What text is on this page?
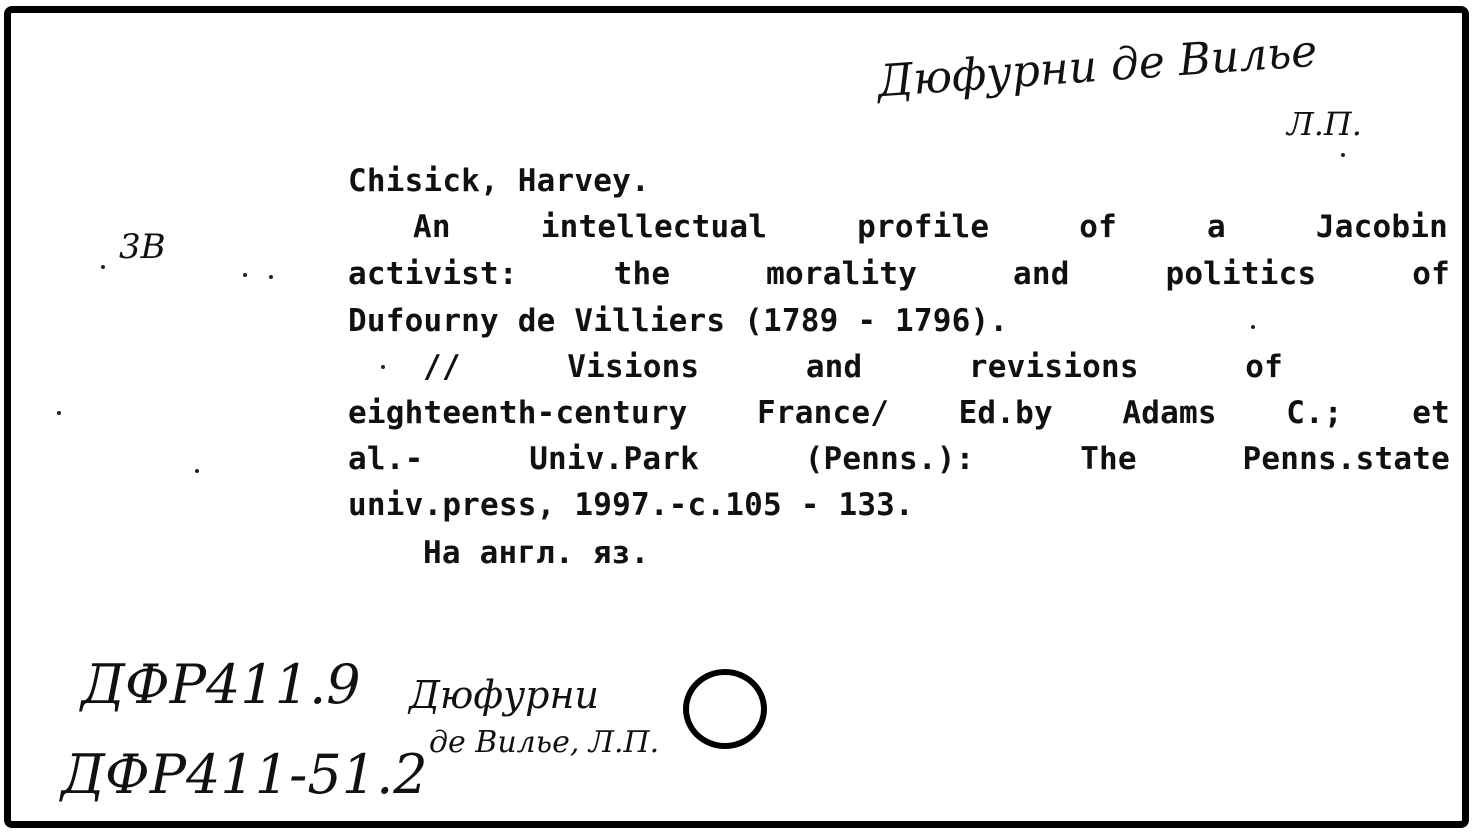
Дюфурни де Вильe
Л.П.
3В
Chisick, Harvey.
An	intellectual	profile	of	a	Jacobin
activist:	the	morality	and	politics	of
Dufourny de Villiers (1789 - 1796).
//	Visions	and	revisions	of
eighteenth-century France/ Ed.by Adams C.; et
al.-	Univ.Park	(Penns.):	The	Penns.state
univ.press, 1997.-c.105 - 133.
На англ. яз.
ДФР411.9 Дюфурни
де Вильe, Л.П.
ДФР411-51.2
